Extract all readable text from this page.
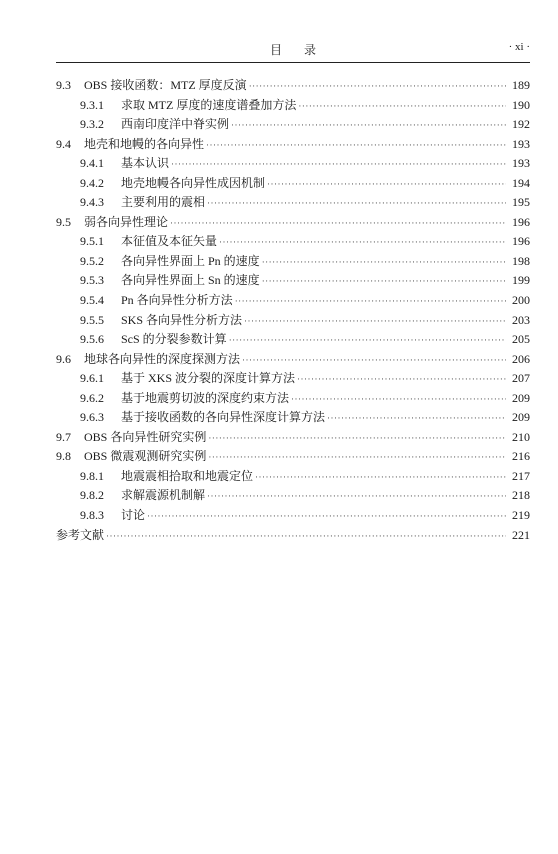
目录	· xi ·
9.3	OBS 接收函数：MTZ 厚度反演 ·····	189
9.3.1	求取 MTZ 厚度的速度谱叠加方法 ·····	190
9.3.2	西南印度洋中脊实例 ·····	192
9.4	地壳和地幔的各向异性 ·····	193
9.4.1	基本认识 ·····	193
9.4.2	地壳地幔各向异性成因机制 ·····	194
9.4.3	主要利用的震相 ·····	195
9.5	弱各向异性理论 ·····	196
9.5.1	本征值及本征矢量 ·····	196
9.5.2	各向异性界面上 Pn 的速度 ·····	198
9.5.3	各向异性界面上 Sn 的速度 ·····	199
9.5.4	Pn 各向异性分析方法 ·····	200
9.5.5	SKS 各向异性分析方法 ·····	203
9.5.6	ScS 的分裂参数计算 ·····	205
9.6	地球各向异性的深度探测方法 ·····	206
9.6.1	基于 XKS 波分裂的深度计算方法 ·····	207
9.6.2	基于地震剪切波的深度约束方法 ·····	209
9.6.3	基于接收函数的各向异性深度计算方法 ·····	209
9.7	OBS 各向异性研究实例 ·····	210
9.8	OBS 微震观测研究实例 ·····	216
9.8.1	地震震相拾取和地震定位 ·····	217
9.8.2	求解震源机制解 ·····	218
9.8.3	讨论 ·····	219
参考文献 ·····	221
